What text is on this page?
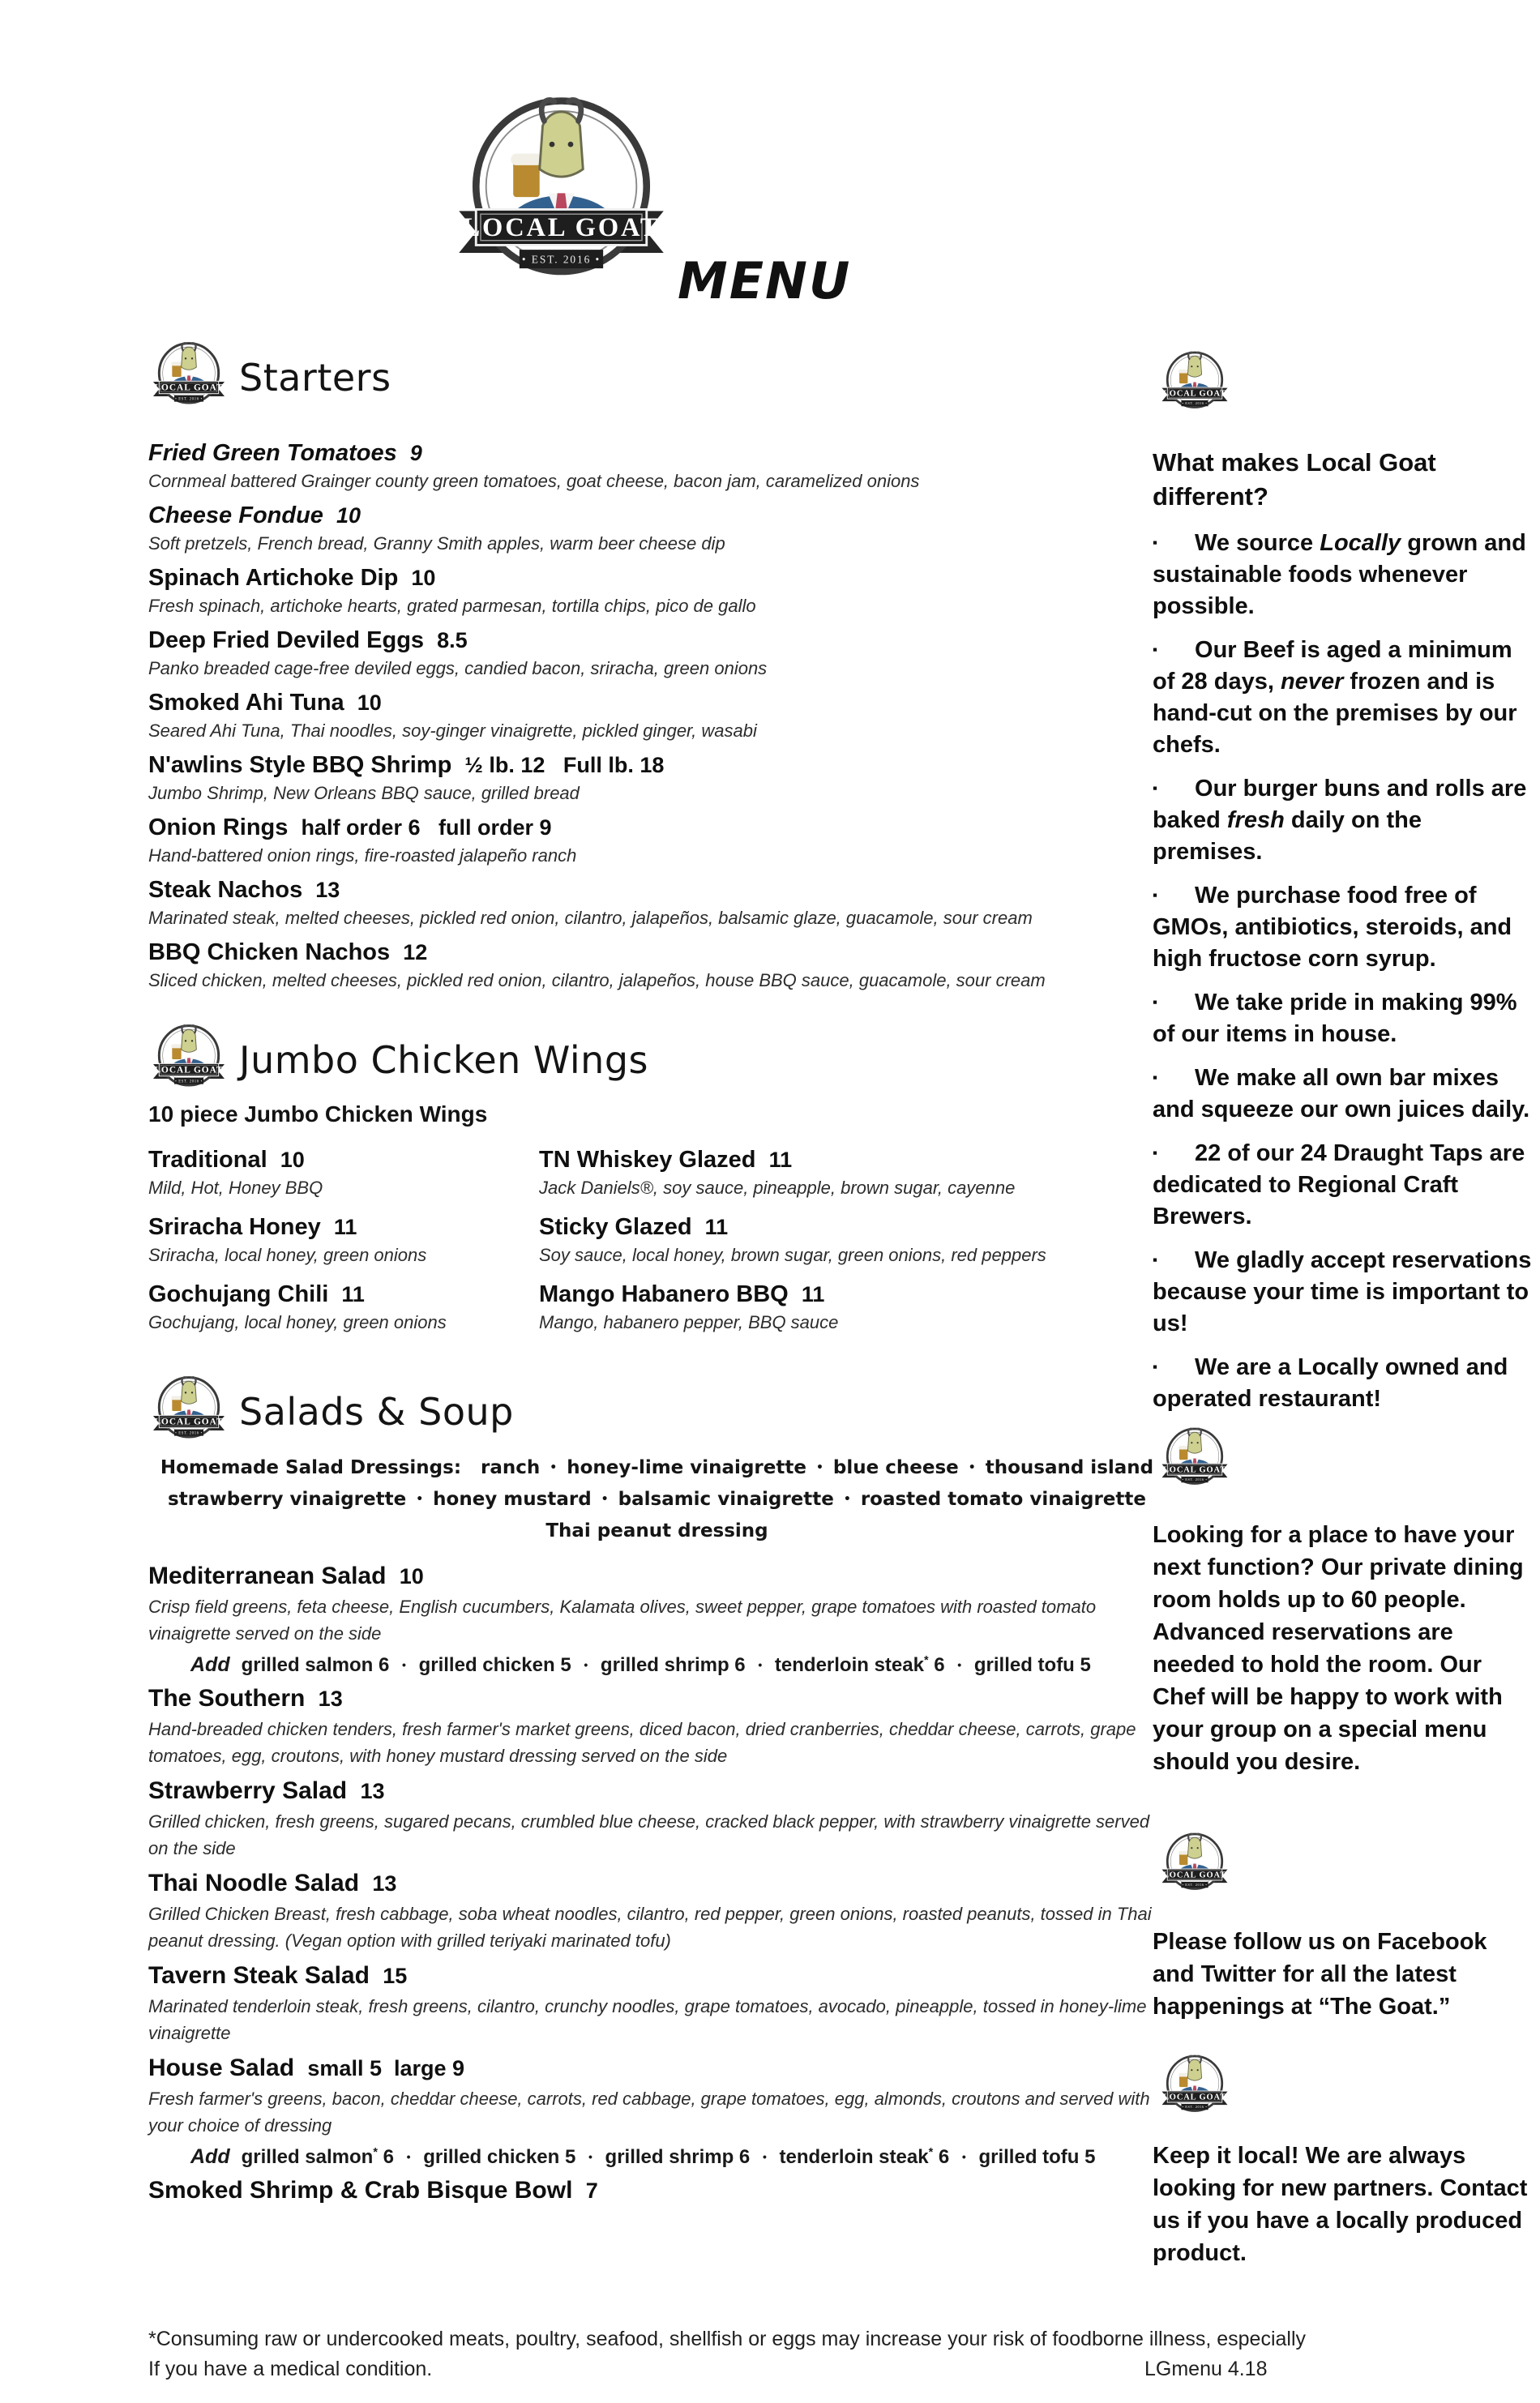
MENU
Starters
Fried Green Tomatoes 9
Cornmeal battered Grainger county green tomatoes, goat cheese, bacon jam, caramelized onions
Cheese Fondue 10
Soft pretzels, French bread, Granny Smith apples, warm beer cheese dip
Spinach Artichoke Dip 10
Fresh spinach, artichoke hearts, grated parmesan, tortilla chips, pico de gallo
Deep Fried Deviled Eggs 8.5
Panko breaded cage-free deviled eggs, candied bacon, sriracha, green onions
Smoked Ahi Tuna 10
Seared Ahi Tuna, Thai noodles, soy-ginger vinaigrette, pickled ginger, wasabi
N'awlins Style BBQ Shrimp ½ lb. 12   Full lb. 18
Jumbo Shrimp, New Orleans BBQ sauce, grilled bread
Onion Rings half order 6   full order 9
Hand-battered onion rings, fire-roasted jalapeño ranch
Steak Nachos 13
Marinated steak, melted cheeses, pickled red onion, cilantro, jalapeños, balsamic glaze, guacamole, sour cream
BBQ Chicken Nachos 12
Sliced chicken, melted cheeses, pickled red onion, cilantro, jalapeños, house BBQ sauce, guacamole, sour cream
Jumbo Chicken Wings
10 piece Jumbo Chicken Wings
Traditional 10
Mild, Hot, Honey BBQ
Sriracha Honey 11
Sriracha, local honey, green onions
Gochujang Chili 11
Gochujang, local honey, green onions
TN Whiskey Glazed 11
Jack Daniels®, soy sauce, pineapple, brown sugar, cayenne
Sticky Glazed 11
Soy sauce, local honey, brown sugar, green onions, red peppers
Mango Habanero BBQ 11
Mango, habanero pepper, BBQ sauce
Salads & Soup
Homemade Salad Dressings:   ranch • honey-lime vinaigrette • blue cheese • thousand island
strawberry vinaigrette • honey mustard • balsamic vinaigrette • roasted tomato vinaigrette
Thai peanut dressing
Mediterranean Salad 10
Crisp field greens, feta cheese, English cucumbers, Kalamata olives, sweet pepper, grape tomatoes with roasted tomato vinaigrette served on the side
Add grilled salmon 6 • grilled chicken 5 • grilled shrimp 6 • tenderloin steak* 6 • grilled tofu 5
The Southern 13
Hand-breaded chicken tenders, fresh farmer's market greens, diced bacon, dried cranberries, cheddar cheese, carrots, grape tomatoes, egg, croutons, with honey mustard dressing served on the side
Strawberry Salad 13
Grilled chicken, fresh greens, sugared pecans, crumbled blue cheese, cracked black pepper, with strawberry vinaigrette served on the side
Thai Noodle Salad 13
Grilled Chicken Breast, fresh cabbage, soba wheat noodles, cilantro, red pepper, green onions, roasted peanuts, tossed in Thai peanut dressing. (Vegan option with grilled teriyaki marinated tofu)
Tavern Steak Salad 15
Marinated tenderloin steak, fresh greens, cilantro, crunchy noodles, grape tomatoes, avocado, pineapple, tossed in honey-lime vinaigrette
House Salad small 5  large 9
Fresh farmer's greens, bacon, cheddar cheese, carrots, red cabbage, grape tomatoes, egg, almonds, croutons and served with your choice of dressing
Add grilled salmon* 6 • grilled chicken 5 • grilled shrimp 6 • tenderloin steak* 6 • grilled tofu 5
Smoked Shrimp & Crab Bisque Bowl 7
What makes Local Goat different?
▪ We source Locally grown and sustainable foods whenever possible.
▪ Our Beef is aged a minimum of 28 days, never frozen and is hand-cut on the premises by our chefs.
▪ Our burger buns and rolls are baked fresh daily on the premises.
▪ We purchase food free of GMOs, antibiotics, steroids, and high fructose corn syrup.
▪ We take pride in making 99% of our items in house.
▪ We make all own bar mixes and squeeze our own juices daily.
▪ 22 of our 24 Draught Taps are dedicated to Regional Craft Brewers.
▪ We gladly accept reservations because your time is important to us!
▪ We are a Locally owned and operated restaurant!
Looking for a place to have your next function? Our private dining room holds up to 60 people. Advanced reservations are needed to hold the room. Our Chef will be happy to work with your group on a special menu should you desire.
Please follow us on Facebook and Twitter for all the latest happenings at “The Goat.”
Keep it local! We are always looking for new partners. Contact us if you have a locally produced product.
*Consuming raw or undercooked meats, poultry, seafood, shellfish or eggs may increase your risk of foodborne illness, especially
If you have a medical condition.	LGmenu 4.18
